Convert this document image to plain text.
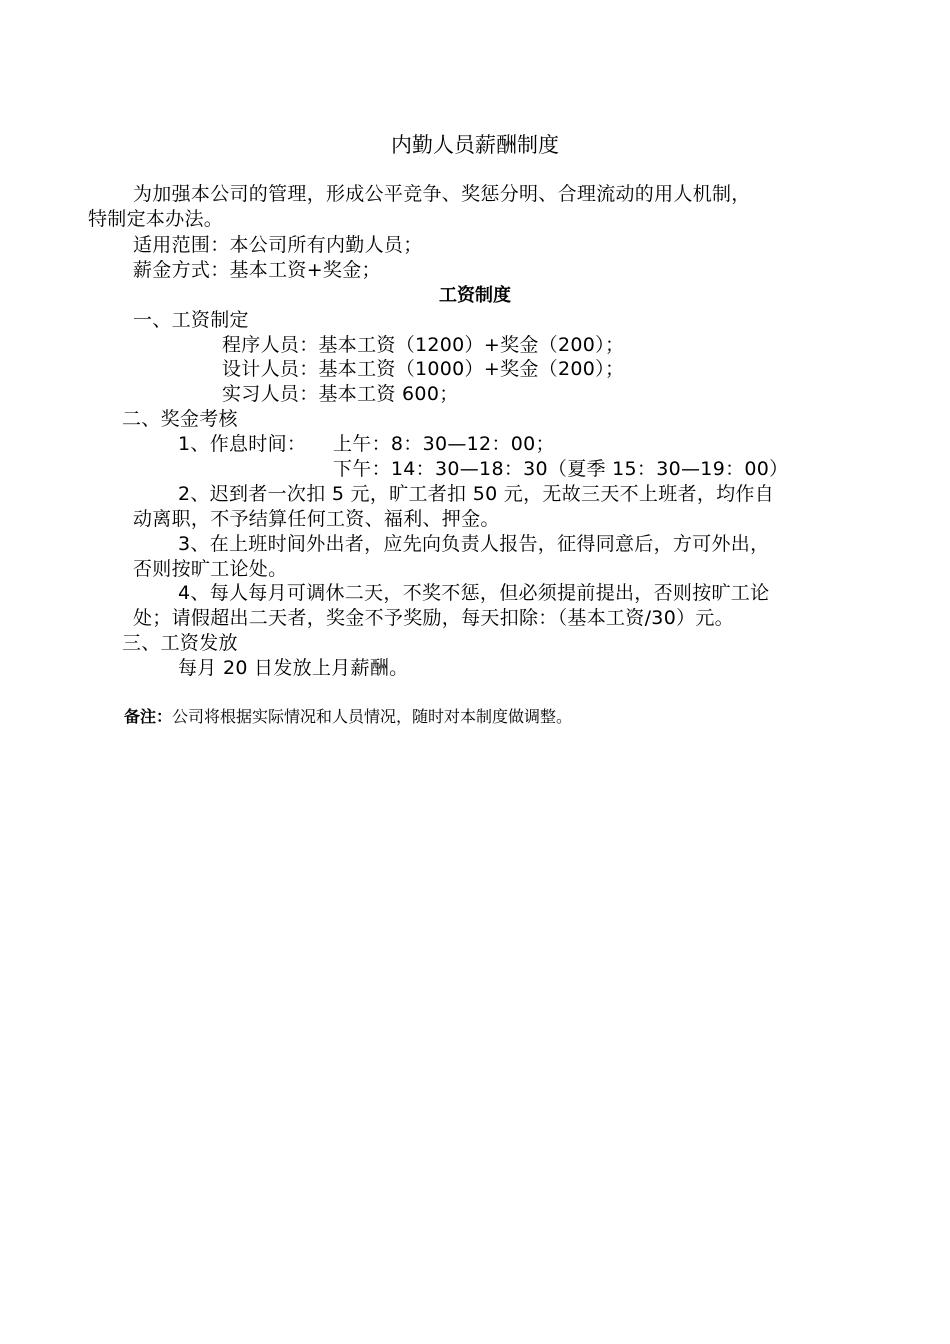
内勤人员薪酬制度
为加强本公司的管理，形成公平竞争、奖惩分明、合理流动的用人机制，
特制定本办法。
适用范围：本公司所有内勤人员；
薪金方式：基本工资+奖金；
工资制度
一、工资制定
程序人员：基本工资（1200）+奖金（200）；
设计人员：基本工资（1000）+奖金（200）；
实习人员：基本工资 600；
二、奖金考核
1、作息时间： 上午：8：30—12：00；
下午：14：30—18：30（夏季 15：30—19：00）
2、迟到者一次扣 5 元，旷工者扣 50 元，无故三天不上班者，均作自
动离职，不予结算任何工资、福利、押金。
3、在上班时间外出者，应先向负责人报告，征得同意后，方可外出，
否则按旷工论处。
4、每人每月可调休二天，不奖不惩，但必须提前提出，否则按旷工论
处；请假超出二天者，奖金不予奖励，每天扣除：（基本工资/30）元。
三、工资发放
每月 20 日发放上月薪酬。
备注：公司将根据实际情况和人员情况，随时对本制度做调整。
